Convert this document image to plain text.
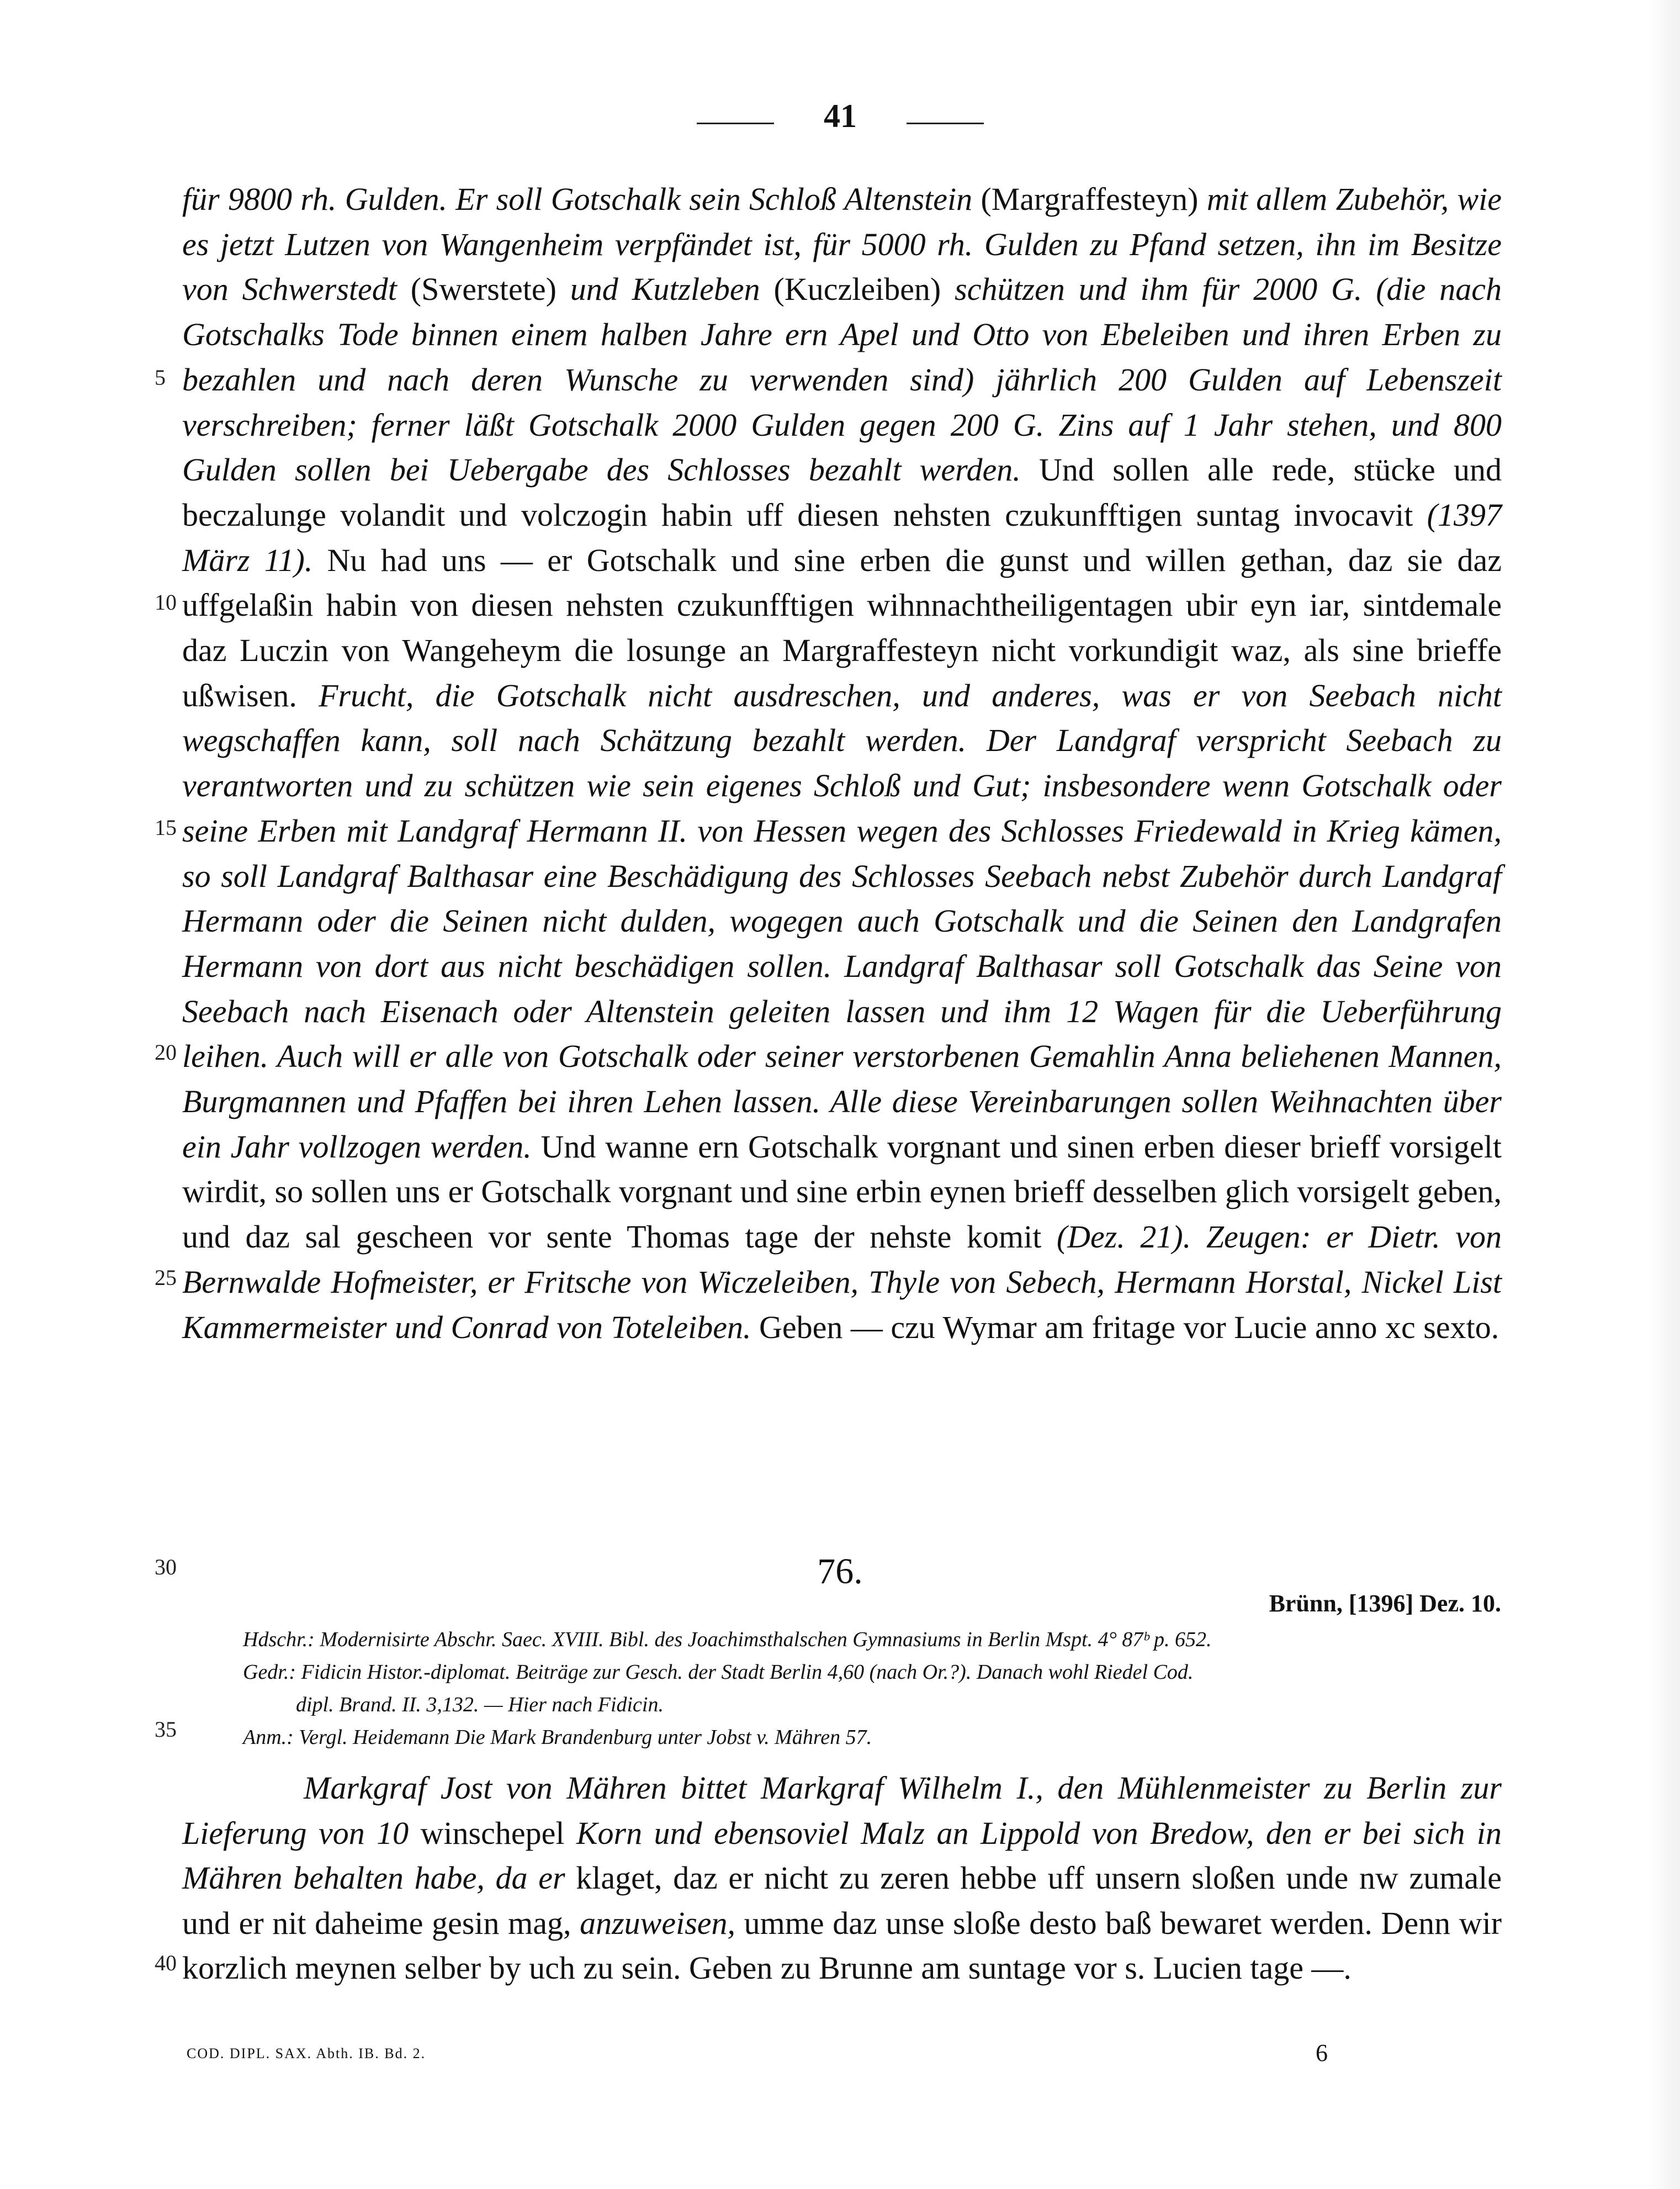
41
5
10
15
20
25
30
35
40

für 9800 rh. Gulden. Er soll Gotschalk sein Schloß Altenstein (Margraffesteyn) mit allem Zubehör, wie es jetzt Lutzen von Wangenheim verpfändet ist, für 5000 rh. Gulden zu Pfand setzen, ihn im Besitze von Schwerstedt (Swerstete) und Kutzleben (Kuczleiben) schützen und ihm für 2000 G. (die nach Gotschalks Tode binnen einem halben Jahre ern Apel und Otto von Ebeleiben und ihren Erben zu bezahlen und nach deren Wunsche zu verwenden sind) jährlich 200 Gulden auf Lebenszeit verschreiben; ferner läßt Gotschalk 2000 Gulden gegen 200 G. Zins auf 1 Jahr stehen, und 800 Gulden sollen bei Uebergabe des Schlosses bezahlt werden. Und sollen alle rede, stücke und beczalunge volandit und volczogin habin uff diesen nehsten czukunfftigen suntag invocavit (1397 März 11). Nu had uns — er Gotschalk und sine erben die gunst und willen gethan, daz sie daz uffgelaßin habin von diesen nehsten czukunfftigen wihnnachtheiligentagen ubir eyn iar, sintdemale daz Luczin von Wangeheym die losunge an Margraffesteyn nicht vorkundigit waz, als sine brieffe ußwisen. Frucht, die Gotschalk nicht ausdreschen, und anderes, was er von Seebach nicht wegschaffen kann, soll nach Schätzung bezahlt werden. Der Landgraf verspricht Seebach zu verantworten und zu schützen wie sein eigenes Schloß und Gut; insbesondere wenn Gotschalk oder seine Erben mit Landgraf Hermann II. von Hessen wegen des Schlosses Friedewald in Krieg kämen, so soll Landgraf Balthasar eine Beschädigung des Schlosses Seebach nebst Zubehör durch Landgraf Hermann oder die Seinen nicht dulden, wogegen auch Gotschalk und die Seinen den Landgrafen Hermann von dort aus nicht beschädigen sollen. Landgraf Balthasar soll Gotschalk das Seine von Seebach nach Eisenach oder Altenstein geleiten lassen und ihm 12 Wagen für die Ueberführung leihen. Auch will er alle von Gotschalk oder seiner verstorbenen Gemahlin Anna beliehenen Mannen, Burgmannen und Pfaffen bei ihren Lehen lassen. Alle diese Vereinbarungen sollen Weihnachten über ein Jahr vollzogen werden. Und wanne ern Gotschalk vorgnant und sinen erben dieser brieff vorsigelt wirdit, so sollen uns er Gotschalk vorgnant und sine erbin eynen brieff desselben glich vorsigelt geben, und daz sal gescheen vor sente Thomas tage der nehste komit (Dez. 21). Zeugen: er Dietr. von Bernwalde Hofmeister, er Fritsche von Wiczeleiben, Thyle von Sebech, Hermann Horstal, Nickel List Kammermeister und Conrad von Toteleiben. Geben — czu Wymar am fritage vor Lucie anno xc sexto.

76.
Brünn, [1396] Dez. 10.
Hdschr.: Modernisirte Abschr. Saec. XVIII. Bibl. des Joachimsthalschen Gymnasiums in Berlin Mspt. 4° 87ᵇ p. 652.
Gedr.: Fidicin Histor.-diplomat. Beiträge zur Gesch. der Stadt Berlin 4,60 (nach Or.?). Danach wohl Riedel Cod.
dipl. Brand. II. 3,132. — Hier nach Fidicin.
Anm.: Vergl. Heidemann Die Mark Brandenburg unter Jobst v. Mähren 57.

Markgraf Jost von Mähren bittet Markgraf Wilhelm I., den Mühlenmeister zu Berlin zur Lieferung von 10 winschepel Korn und ebensoviel Malz an Lippold von Bredow, den er bei sich in Mähren behalten habe, da er klaget, daz er nicht zu zeren hebbe uff unsern sloßen unde nw zumale und er nit daheime gesin mag, anzuweisen, umme daz unse sloße desto baß bewaret werden. Denn wir korzlich meynen selber by uch zu sein. Geben zu Brunne am suntage vor s. Lucien tage —.

COD. DIPL. SAX. Abth. IB. Bd. 2.	6
